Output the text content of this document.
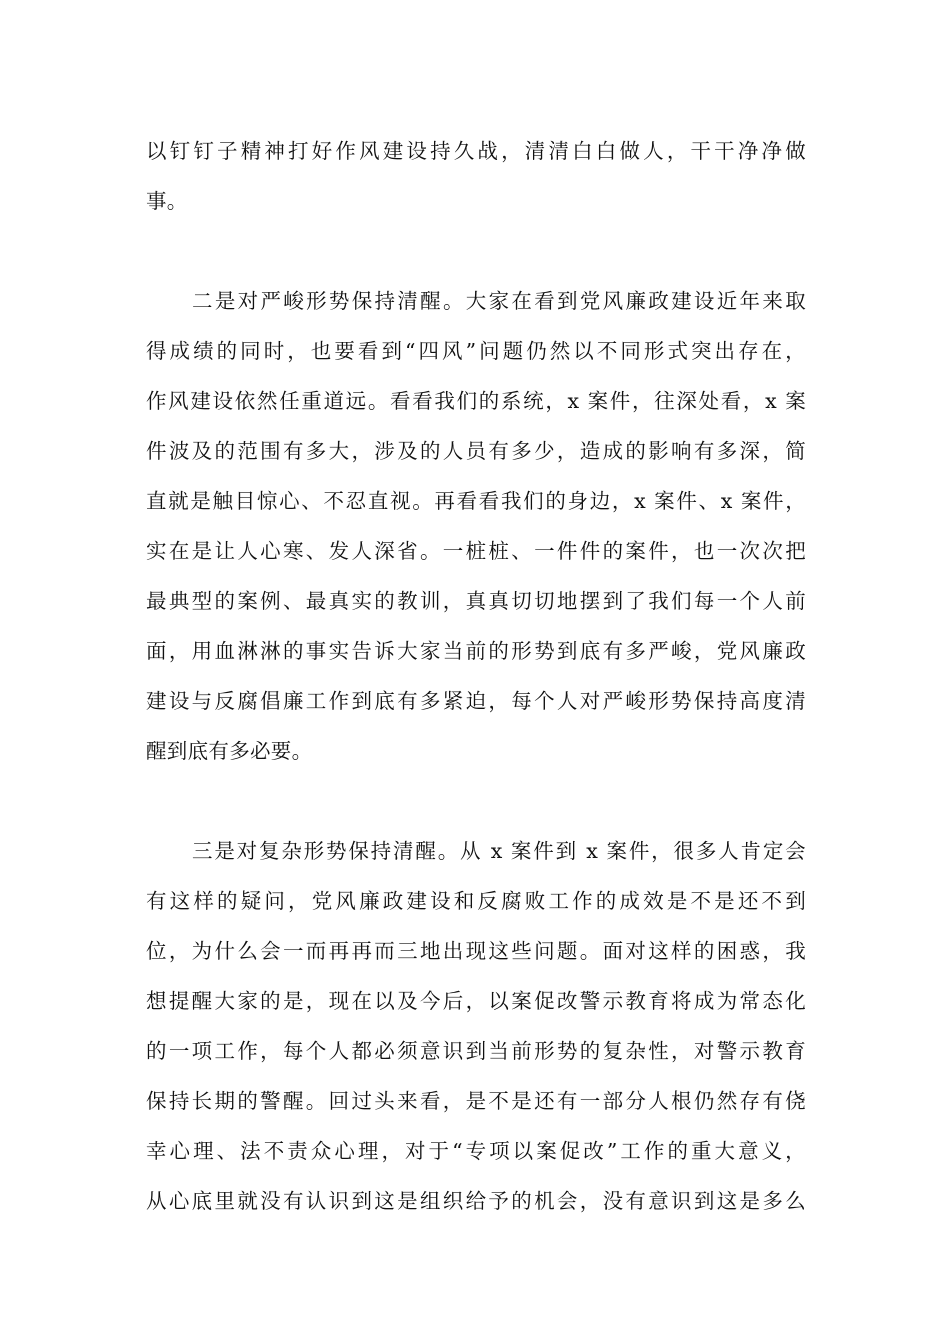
以钉钉子精神打好作风建设持久战，清清白白做人，干干净净做
事。
二是对严峻形势保持清醒。大家在看到党风廉政建设近年来取
得成绩的同时，也要看到“四风”问题仍然以不同形式突出存在，
作风建设依然任重道远。看看我们的系统，x 案件，往深处看，x 案
件波及的范围有多大，涉及的人员有多少，造成的影响有多深，简
直就是触目惊心、不忍直视。再看看我们的身边，x 案件、x 案件，
实在是让人心寒、发人深省。一桩桩、一件件的案件，也一次次把
最典型的案例、最真实的教训，真真切切地摆到了我们每一个人前
面，用血淋淋的事实告诉大家当前的形势到底有多严峻，党风廉政
建设与反腐倡廉工作到底有多紧迫，每个人对严峻形势保持高度清
醒到底有多必要。
三是对复杂形势保持清醒。从 x 案件到 x 案件，很多人肯定会
有这样的疑问，党风廉政建设和反腐败工作的成效是不是还不到
位，为什么会一而再再而三地出现这些问题。面对这样的困惑，我
想提醒大家的是，现在以及今后，以案促改警示教育将成为常态化
的一项工作，每个人都必须意识到当前形势的复杂性，对警示教育
保持长期的警醒。回过头来看，是不是还有一部分人根仍然存有侥
幸心理、法不责众心理，对于“专项以案促改”工作的重大意义，
从心底里就没有认识到这是组织给予的机会，没有意识到这是多么
